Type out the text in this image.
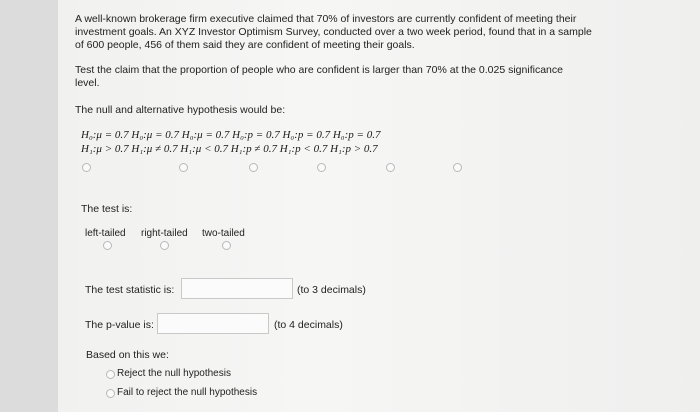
A well-known brokerage firm executive claimed that 70% of investors are currently confident of meeting their
investment goals. An XYZ Investor Optimism Survey, conducted over a two week period, found that in a sample
of 600 people, 456 of them said they are confident of meeting their goals.
Test the claim that the proportion of people who are confident is larger than 70% at the 0.025 significance
level.
The null and alternative hypothesis would be:
H₀:μ = 0.7 H₀:μ = 0.7 H₀:μ = 0.7 H₀:p = 0.7 H₀:p = 0.7 H₀:p = 0.7
H₁:μ > 0.7 H₁:μ ≠ 0.7 H₁:μ < 0.7 H₁:p ≠ 0.7 H₁:p < 0.7 H₁:p > 0.7
The test is:
left-tailed right-tailed two-tailed
The test statistic is:	(to 3 decimals)
The p-value is:	(to 4 decimals)
Based on this we:
Reject the null hypothesis
Fail to reject the null hypothesis
